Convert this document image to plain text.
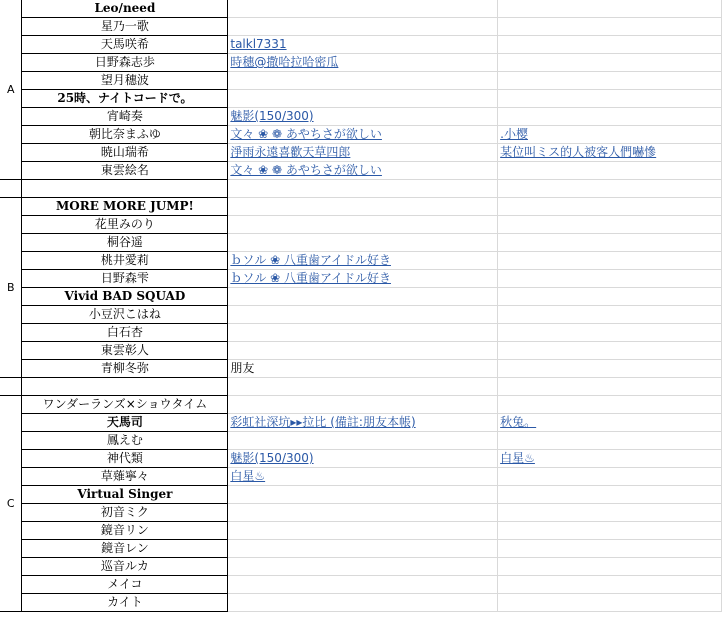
A	Leo/need		
	星乃一歌		
	天馬咲希	talkl7331	
	日野森志歩	時穗@撒哈拉哈密瓜	
	望月穗波		
	25時、ナイトコードで。		
	宵崎奏	魅影(150/300)	
	朝比奈まふゆ	文々 ❀ ❁ あやちさが欲しい	.小樱
	暁山瑞希	淨雨永遠喜歡天草四郎	某位叫ミス的人被客人們嚇慘
	東雲絵名	文々 ❀ ❁ あやちさが欲しい	

B	MORE MORE JUMP!		
	花里みのり		
	桐谷遥		
	桃井愛莉	ｂソル ❀ 八重歯アイドル好き	
	日野森雫	ｂソル ❀ 八重歯アイドル好き	
	Vivid BAD SQUAD		
	小豆沢こはね		
	白石杏		
	東雲彰人		
	青柳冬弥	朋友	

C	ワンダーランズ×ショウタイム		
	天馬司	彩虹社深坑▸▸拉比 (備註:朋友本帳)	秋兔。
	鳳えむ		
	神代類	魅影(150/300)	白星♨
	草薙寧々	白星♨	
	Virtual Singer		
	初音ミク		
	鏡音リン		
	鏡音レン		
	巡音ルカ		
	メイコ		
	カイト		
